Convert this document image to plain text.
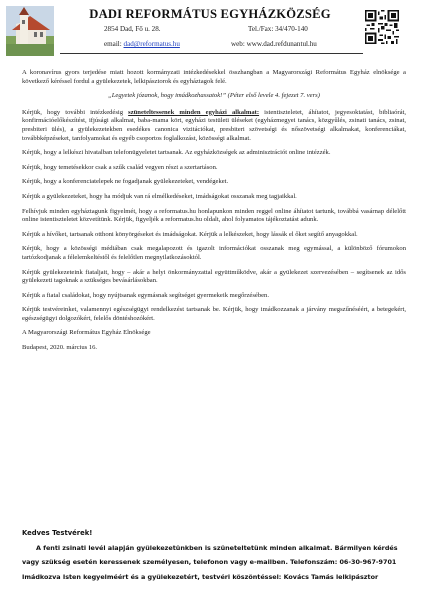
DADI REFORMÁTUS EGYHÁZKÖZSÉG
2854 Dad, Fő u. 28.	Tel./Fax: 34/470-140
email: dad@reformatus.hu	web: www.dad.refdunantul.hu

A koronavírus gyors terjedése miatt hozott kormányzati intézkedésekkel összhangban a Magyarországi Református Egyház elnöksége a következő kéréssel fordul a gyülekezetek, lelkipásztorok és egyháztagok felé.

„Legyetek józanok, hogy imádkozhassatok!” (Péter első levele 4. fejezet 7. vers)

Kérjük, hogy további intézkedésig szüneteltessenek minden egyházi alkalmat: istentiszteletet, áhítatot, jegyesoktatást, bibliaórát, konfirmációelőkészítést, ifjúsági alkalmat, baba-mama kört, egyházi testületi üléseket (egyházmegyei tanács, közgyűlés, zsinati tanács, zsinat, presbiteri ülés), a gyülekezetekben esedékes canonica vizitációkat, presbiteri szövetségi és nőszövetségi alkalmakat, konferenciákat, továbbképzéseket, tanfolyamokat és egyéb csoportos foglalkozást, közösségi alkalmat.

Kérjük, hogy a lelkészi hivatalban telefonügyeletet tartsanak. Az egyházközségek az adminisztrációt online intézzék.

Kérjük, hogy temetésekkor csak a szűk család vegyen részt a szertartáson.

Kérjük, hogy a konferenciatelepek ne fogadjanak gyülekezeteket, vendégeket.

Kérjük a gyülekezeteket, hogy ha módjuk van rá elmélkedéseket, imádságokat osszanak meg tagjaikkal.

Felhívjuk minden egyháztagunk figyelmét, hogy a reformatus.hu honlapunkon minden reggel online áhítatot tartunk, továbbá vasárnap délelőtt online istentiszteletet közvetítünk. Kérjük, figyeljék a reformatus.hu oldalt, ahol folyamatos tájékoztatást adunk.

Kérjük a hívőket, tartsanak otthoni könyörgéseket és imádságokat. Kérjük a lelkészeket, hogy lássák el őket segítő anyagokkal.

Kérjük, hogy a közösségi médiában csak megalapozott és igazolt információkat osszanak meg egymással, a különböző fórumokon tartózkodjanak a félelemkeltéstől és felelőtlen megnyilatkozásoktól.

Kérjük gyülekezeteink fiataljait, hogy – akár a helyi önkormányzattal együttműködve, akár a gyülekezet szervezésében – segítsenek az idős gyülekezeti tagoknak a szükséges bevásárlásokban.

Kérjük a fiatal családokat, hogy nyújtsanak egymásnak segítséget gyermekeik megőrzésében.

Kérjük testvéreinket, valamennyi egészségügyi rendelkezést tartsanak be. Kérjük, hogy imádkozzanak a járvány megszűnéséért, a betegekért, egészségügyi dolgozókért, felelős döntéshozókért.

A Magyarországi Református Egyház Elnöksége

Budapest, 2020. március 16.

Kedves Testvérek!
A fenti zsinati levél alapján gyülekezetünkben is szüneteltetünk minden alkalmat. Bármilyen kérdés
vagy szükség esetén keressenek személyesen, telefonon vagy e-mailben. Telefonszám: 06-30-967-9701
Imádkozva Isten kegyelméért és a gyülekezetért, testvéri köszöntéssel: Kovács Tamás lelkipásztor
